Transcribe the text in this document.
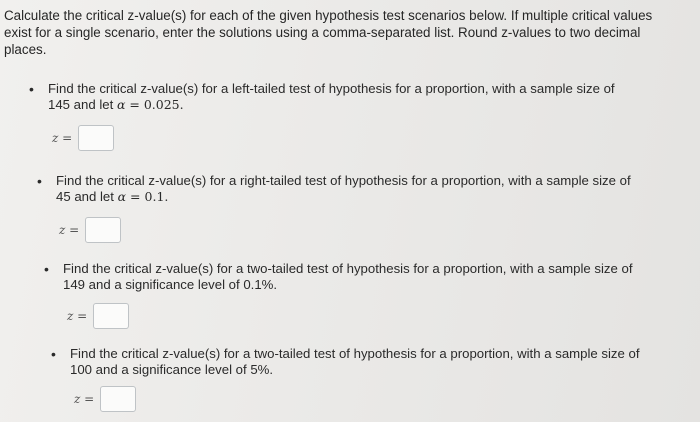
Calculate the critical z-value(s) for each of the given hypothesis test scenarios below. If multiple critical values exist for a single scenario, enter the solutions using a comma-separated list. Round z-values to two decimal places.
• Find the critical z-value(s) for a left-tailed test of hypothesis for a proportion, with a sample size of
145 and let α = 0.025.
z =
• Find the critical z-value(s) for a right-tailed test of hypothesis for a proportion, with a sample size of
45 and let α = 0.1.
z =
• Find the critical z-value(s) for a two-tailed test of hypothesis for a proportion, with a sample size of
149 and a significance level of 0.1%.
z =
• Find the critical z-value(s) for a two-tailed test of hypothesis for a proportion, with a sample size of
100 and a significance level of 5%.
z =
